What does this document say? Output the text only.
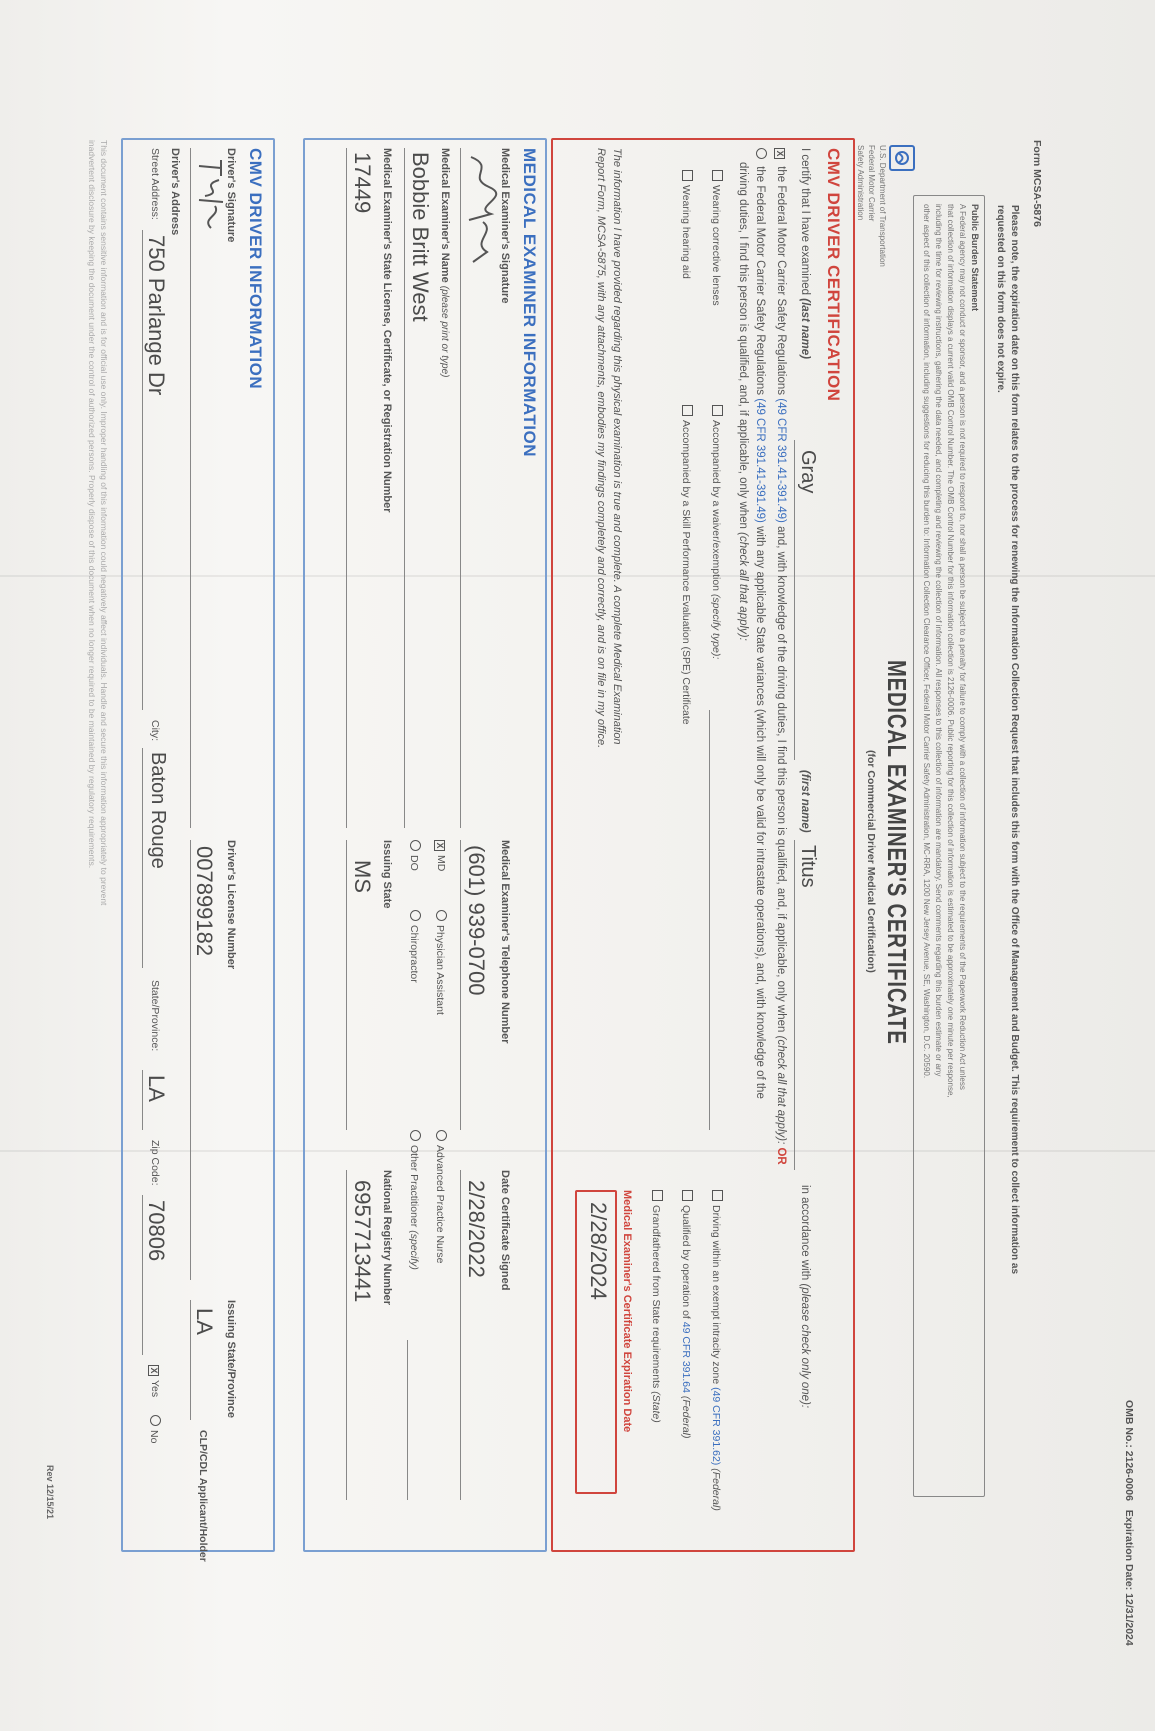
OMB No.: 2126-0006   Expiration Date: 12/31/2024
Form MCSA-5876
Please note, the expiration date on this form relates to the process for renewing the Information Collection Request that includes this form with the Office of Management and Budget. This requirement to collect information as
requested on this form does not expire.
Public Burden Statement
A Federal agency may not conduct or sponsor, and a person is not required to respond to, nor shall a person be subject to a penalty for failure to comply with a collection of information subject to the requirements of the Paperwork Reduction Act unless
that collection of information displays a current valid OMB Control Number. The OMB Control Number for this information collection is 2126-0006. Public reporting for this collection of information is estimated to be approximately one minute per response,
including the time for reviewing instructions, gathering the data needed, and completing and reviewing the collection of information. All responses to this collection of information are mandatory. Send comments regarding this burden estimate or any
other aspect of this collection of information, including suggestions for reducing this burden to: Information Collection Clearance Officer, Federal Motor Carrier Safety Administration, MC-RRA, 1200 New Jersey Avenue, SE, Washington, D.C. 20590.
U.S. Department of Transportation
Federal Motor Carrier
Safety Administration
MEDICAL EXAMINER'S CERTIFICATE
(for Commercial Driver Medical Certification)
CMV DRIVER CERTIFICATION
I certify that I have examined (last name)
Gray
(first name)
Titus
in accordance with (please check only one):
X the Federal Motor Carrier Safety Regulations (49 CFR 391.41-391.49) and, with knowledge of the driving duties, I find this person is qualified, and, if applicable, only when (check all that apply): OR
the Federal Motor Carrier Safety Regulations (49 CFR 391.41-391.49) with any applicable State variances (which will only be valid for intrastate operations), and, with knowledge of the
driving duties, I find this person is qualified, and, if applicable, only when (check all that apply):
Wearing corrective lenses
Wearing hearing aid
Accompanied by a waiver/exemption (specify type):
Accompanied by a Skill Performance Evaluation (SPE) Certificate
Driving within an exempt intracity zone (49 CFR 391.62) (Federal)
Qualified by operation of 49 CFR 391.64 (Federal)
Grandfathered from State requirements (State)
The information I have provided regarding this physical examination is true and complete. A complete Medical Examination
Report Form, MCSA-5875, with any attachments, embodies my findings completely and correctly, and is on file in my office.
Medical Examiner's Certificate Expiration Date
2/28/2024
MEDICAL EXAMINER INFORMATION
Medical Examiner's Signature
Medical Examiner's Telephone Number
(601) 939-0700
Date Certificate Signed
2/28/2022
Medical Examiner's Name (please print or type)
Bobbie Britt West
XMD
DO
Physician Assistant
Chiropractor
Advanced Practice Nurse
Other Practitioner (specify)
Medical Examiner's State License, Certificate, or Registration Number
17449
Issuing State
MS
National Registry Number
6957713441
CMV DRIVER INFORMATION
Driver's Signature
Driver's License Number
007899182
Issuing State/Province
LA
CLP/CDL Applicant/Holder
Driver's Address
Street Address:
750 Parlange Dr
City:
Baton Rouge
State/Province:
LA
Zip Code:
70806
XYes
No
This document contains sensitive information and is for official use only. Improper handling of this information could negatively affect individuals. Handle and secure this information appropriately to prevent
inadvertent disclosure by keeping the document under the control of authorized persons. Properly dispose of this document when no longer required to be maintained by regulatory requirements.
Rev 12/15/21
